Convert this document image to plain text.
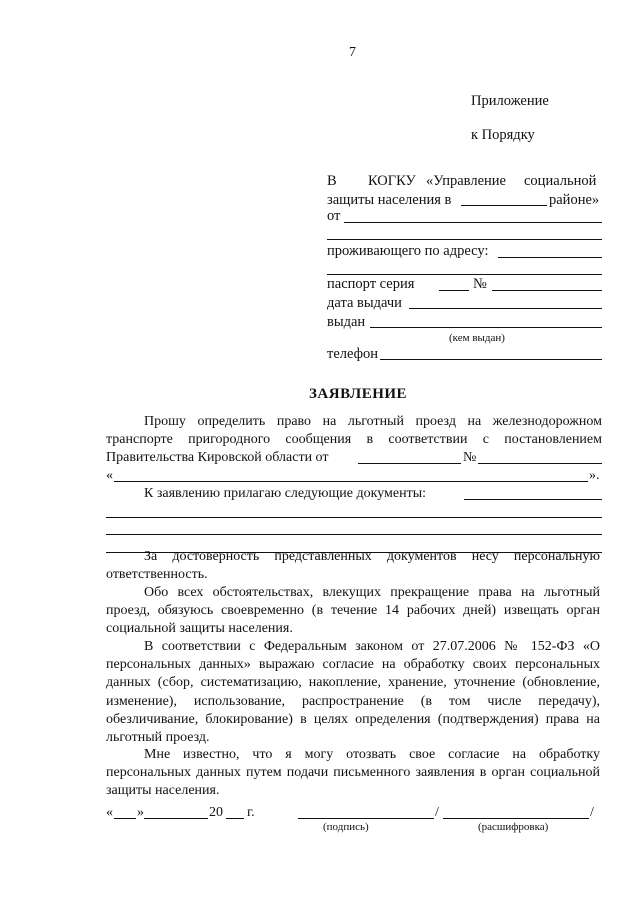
7
Приложение
к Порядку
В КОГКУ «Управление социальной
защиты населения в	районе»
от
проживающего по адресу:
паспорт серия	№
дата выдачи
выдан
(кем выдан)
телефон
ЗАЯВЛЕНИЕ
Прошу определить право на льготный проезд на железнодорожном
транспорте пригородного сообщения в соответствии с постановлением
Правительства Кировской области от	№
«	».
К заявлению прилагаю следующие документы:
За достоверность представленных документов несу персональную ответственность.
Обо всех обстоятельствах, влекущих прекращение права на льготный проезд, обязуюсь своевременно (в течение 14 рабочих дней) извещать орган социальной защиты населения.
В соответствии с Федеральным законом от 27.07.2006 № 152-ФЗ «О персональных данных» выражаю согласие на обработку своих персональных данных (сбор, систематизацию, накопление, хранение, уточнение (обновление, изменение), использование, распространение (в том числе передачу), обезличивание, блокирование) в целях определения (подтверждения) права на льготный проезд.
Мне известно, что я могу отозвать свое согласие на обработку персональных данных путем подачи письменного заявления в орган социальной защиты населения.
« »	20 г.	/	/
(подпись)	(расшифровка)
